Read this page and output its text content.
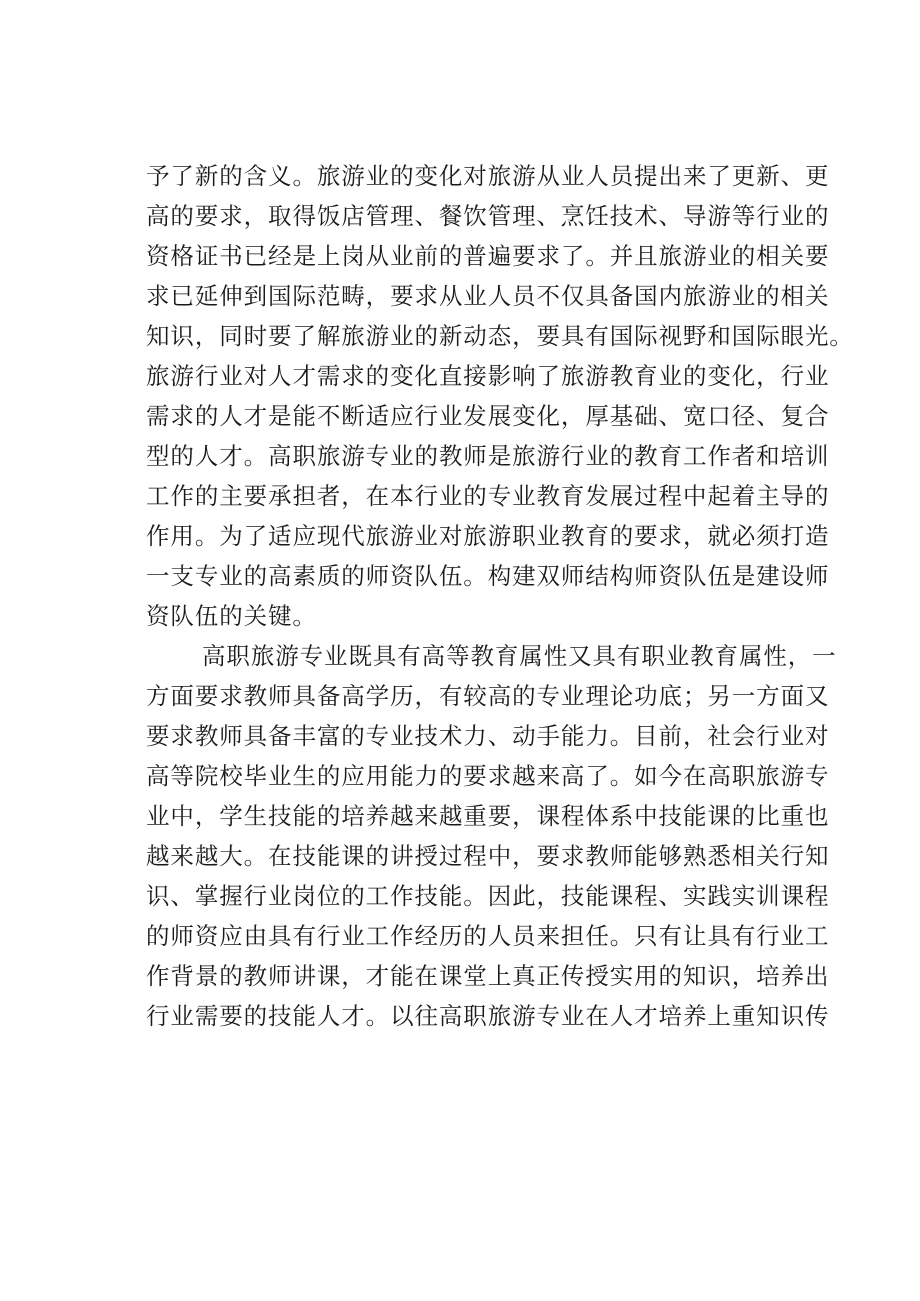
予 了 新 的 含 义 。 旅 游 业 的 变 化 对 旅 游 从 业 人 员 提 出 来 了 更 新 、 更

高 的 要 求 ， 取 得 饭 店 管 理 、 餐 饮 管 理 、 烹 饪 技 术 、 导 游 等 行 业 的

资 格 证 书 已 经 是 上 岗 从 业 前 的 普 遍 要 求 了 。 并 且 旅 游 业 的 相 关 要

求 已 延 伸 到 国 际 范 畴 ， 要 求 从 业 人 员 不 仅 具 备 国 内 旅 游 业 的 相 关

知 识 ， 同 时 要 了 解 旅 游 业 的 新 动 态 ， 要 具 有 国 际 视 野 和 国 际 眼 光 。

旅 游 行 业 对 人 才 需 求 的 变 化 直 接 影 响 了 旅 游 教 育 业 的 变 化 ， 行 业

需 求 的 人 才 是 能 不 断 适 应 行 业 发 展 变 化 ， 厚 基 础 、 宽 口 径 、 复 合

型 的 人 才 。 高 职 旅 游 专 业 的 教 师 是 旅 游 行 业 的 教 育 工 作 者 和 培 训

工 作 的 主 要 承 担 者 ， 在 本 行 业 的 专 业 教 育 发 展 过 程 中 起 着 主 导 的

作 用 。 为 了 适 应 现 代 旅 游 业 对 旅 游 职 业 教 育 的 要 求 ， 就 必 须 打 造

一 支 专 业 的 高 素 质 的 师 资 队 伍 。 构 建 双 师 结 构 师 资 队 伍 是 建 设 师

资队伍的关键。

高 职 旅 游 专 业 既 具 有 高 等 教 育 属 性 又 具 有 职 业 教 育 属 性 ， 一

方 面 要 求 教 师 具 备 高 学 历 ， 有 较 高 的 专 业 理 论 功 底 ； 另 一 方 面 又

要 求 教 师 具 备 丰 富 的 专 业 技 术 力 、 动 手 能 力 。 目 前 ， 社 会 行 业 对

高 等 院 校 毕 业 生 的 应 用 能 力 的 要 求 越 来 高 了 。 如 今 在 高 职 旅 游 专

业 中 ， 学 生 技 能 的 培 养 越 来 越 重 要 ， 课 程 体 系 中 技 能 课 的 比 重 也

越 来 越 大 。 在 技 能 课 的 讲 授 过 程 中 ， 要 求 教 师 能 够 熟 悉 相 关 行 知

识 、 掌 握 行 业 岗 位 的 工 作 技 能 。 因 此 ， 技 能 课 程 、 实 践 实 训 课 程

的 师 资 应 由 具 有 行 业 工 作 经 历 的 人 员 来 担 任 。 只 有 让 具 有 行 业 工

作 背 景 的 教 师 讲 课 ， 才 能 在 课 堂 上 真 正 传 授 实 用 的 知 识 ， 培 养 出

行 业 需 要 的 技 能 人 才 。 以 往 高 职 旅 游 专 业 在 人 才 培 养 上 重 知 识 传
